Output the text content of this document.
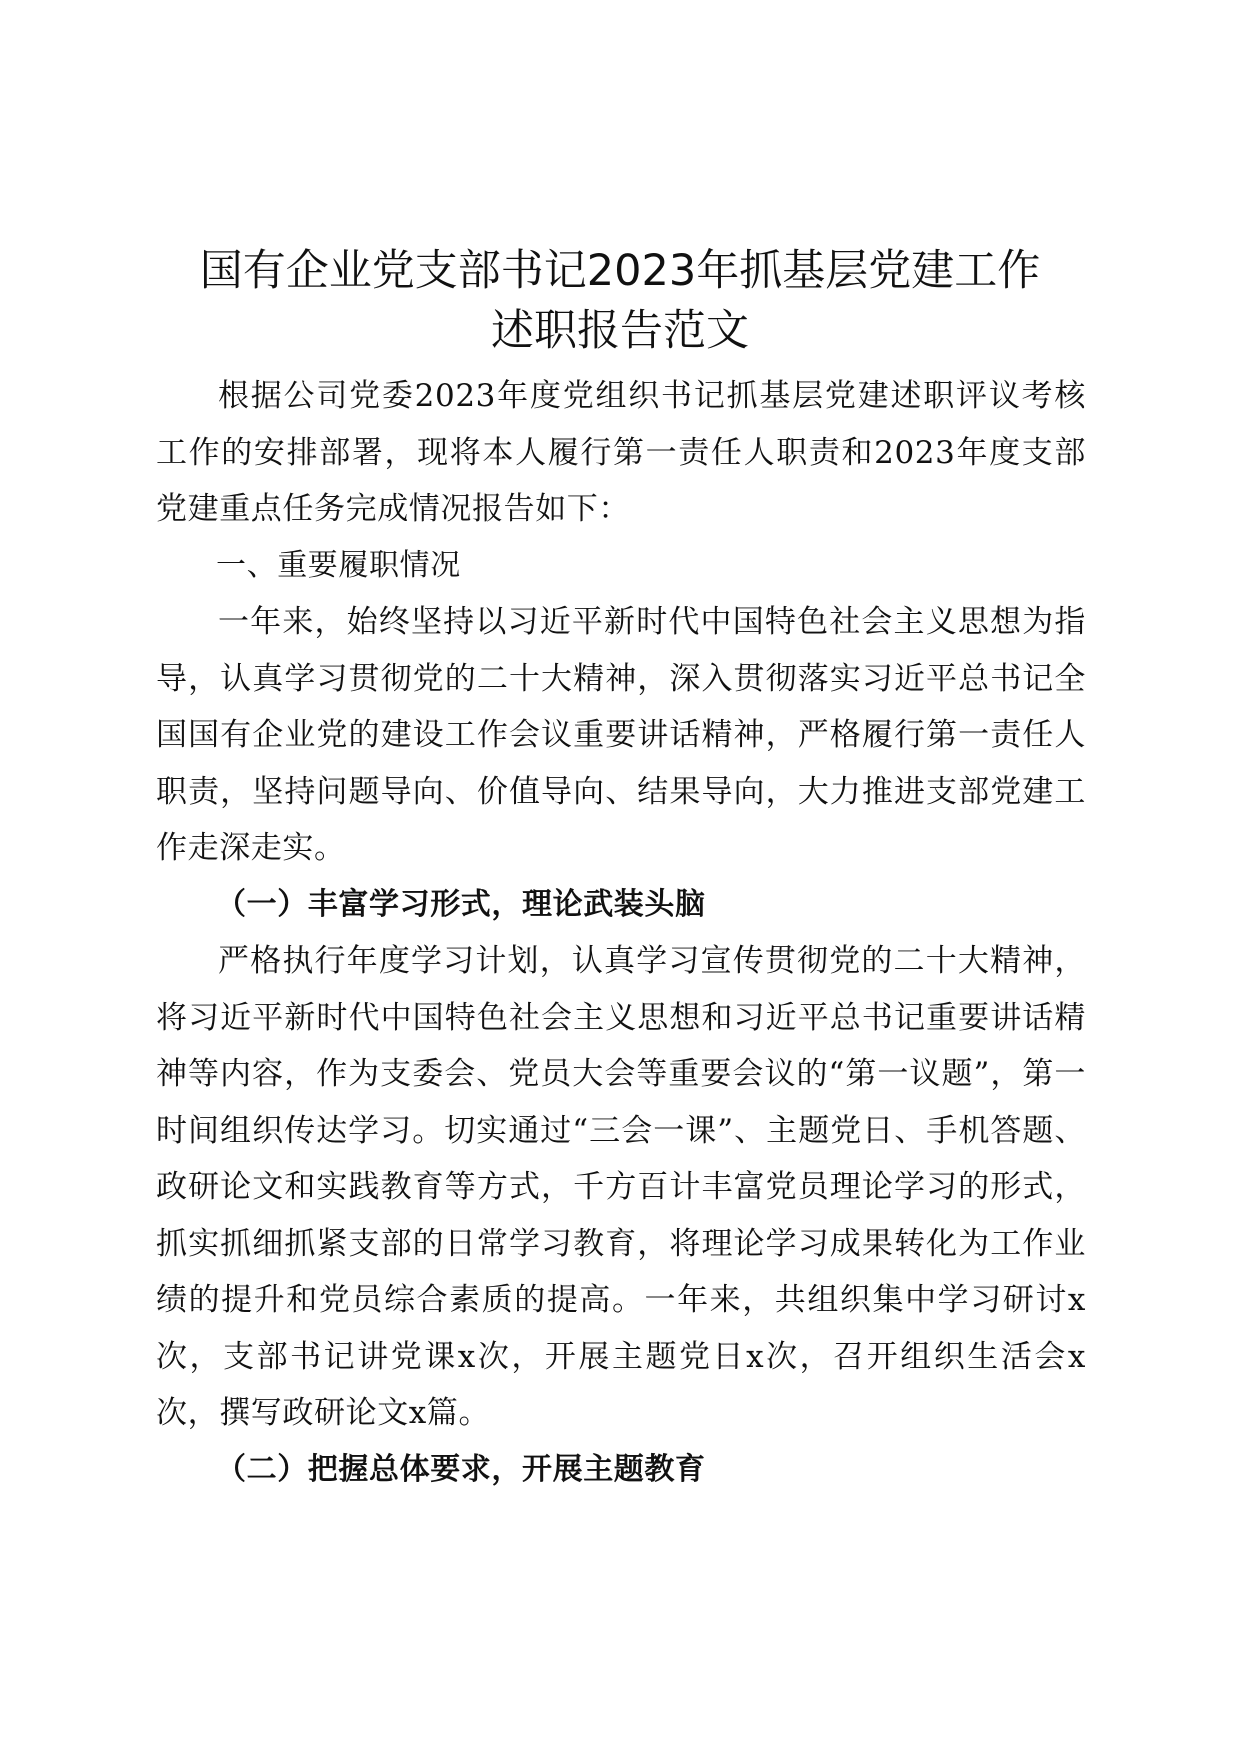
国有企业党支部书记2023年抓基层党建工作
述职报告范文

根据公司党委2023年度党组织书记抓基层党建述职评议考核工作的安排部署，现将本人履行第一责任人职责和2023年度支部党建重点任务完成情况报告如下：

一、重要履职情况

一年来，始终坚持以习近平新时代中国特色社会主义思想为指导，认真学习贯彻党的二十大精神，深入贯彻落实习近平总书记全国国有企业党的建设工作会议重要讲话精神，严格履行第一责任人职责，坚持问题导向、价值导向、结果导向，大力推进支部党建工作走深走实。

（一）丰富学习形式，理论武装头脑

严格执行年度学习计划，认真学习宣传贯彻党的二十大精神，将习近平新时代中国特色社会主义思想和习近平总书记重要讲话精神等内容，作为支委会、党员大会等重要会议的“第一议题”，第一时间组织传达学习。切实通过“三会一课”、主题党日、手机答题、政研论文和实践教育等方式，千方百计丰富党员理论学习的形式，抓实抓细抓紧支部的日常学习教育，将理论学习成果转化为工作业绩的提升和党员综合素质的提高。一年来，共组织集中学习研讨x次，支部书记讲党课x次，开展主题党日x次，召开组织生活会x次，撰写政研论文x篇。

（二）把握总体要求，开展主题教育
